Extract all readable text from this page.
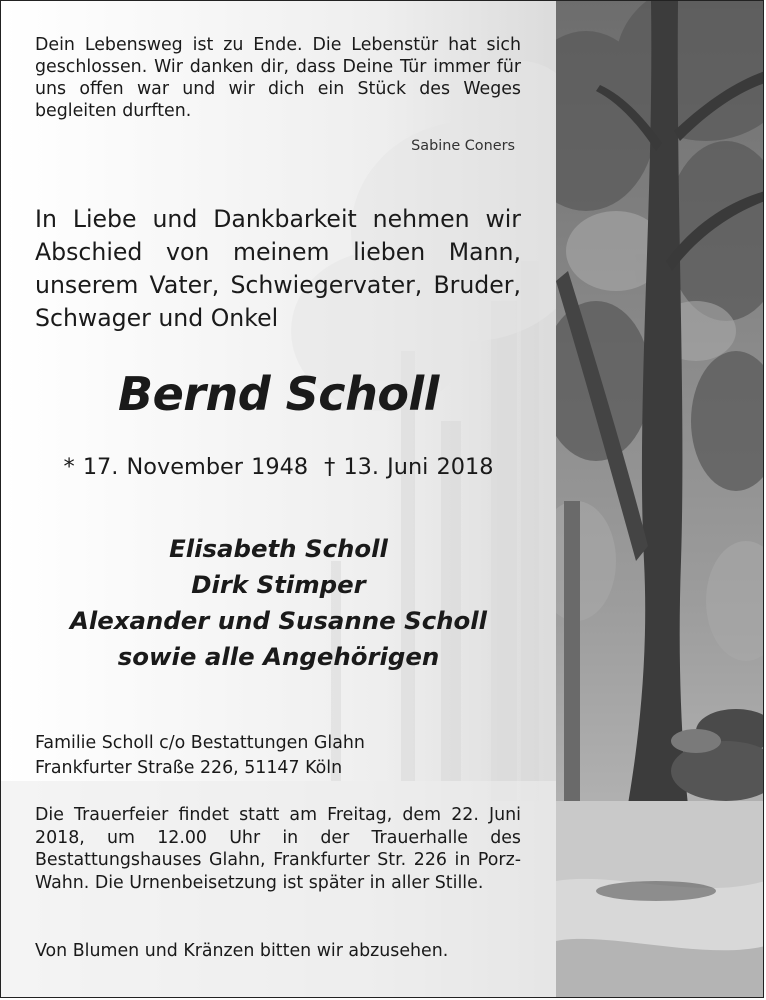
Dein Lebensweg ist zu Ende. Die Lebenstür hat sich geschlossen. Wir danken dir, dass Deine Tür immer für uns offen war und wir dich ein Stück des Weges begleiten durften.

Sabine Coners

In Liebe und Dankbarkeit nehmen wir Abschied von meinem lieben Mann, unserem Vater, Schwiegervater, Bruder, Schwager und Onkel

Bernd Scholl
* 17. November 1948 † 13. Juni 2018
Elisabeth Scholl
Dirk Stimper
Alexander und Susanne Scholl
sowie alle Angehörigen
Familie Scholl c/o Bestattungen Glahn
Frankfurter Straße 226, 51147 Köln

Die Trauerfeier findet statt am Freitag, dem 22. Juni 2018, um 12.00 Uhr in der Trauerhalle des Bestattungshauses Glahn, Frankfurter Str. 226 in Porz-Wahn. Die Urnenbeisetzung ist später in aller Stille.

Von Blumen und Kränzen bitten wir abzusehen.
